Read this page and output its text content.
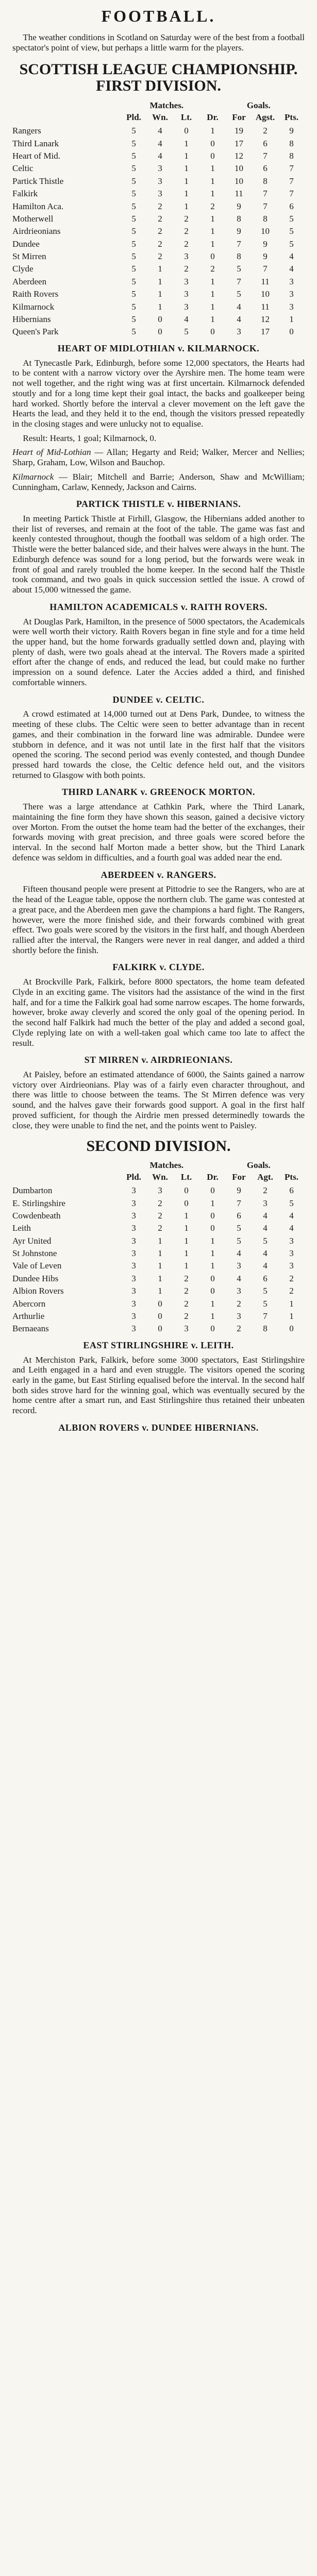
FOOTBALL.

The weather conditions in Scotland on Saturday were of the best from a football spectator's point of view, but perhaps a little warm for the players.

SCOTTISH LEAGUE CHAMPIONSHIP. FIRST DIVISION.
Matches.	Goals.
Pld.	Wn.	Lt.	Dr.	For	Agst.	Pts.
Rangers	5	4	0	1	19	2	9
Third Lanark	5	4	1	0	17	6	8
Heart of Mid.	5	4	1	0	12	7	8
Celtic	5	3	1	1	10	6	7
Partick Thistle	5	3	1	1	10	8	7
Falkirk	5	3	1	1	11	7	7
Hamilton Aca.	5	2	1	2	9	7	6
Motherwell	5	2	2	1	8	8	5
Airdrieonians	5	2	2	1	9	10	5
Dundee	5	2	2	1	7	9	5
St Mirren	5	2	3	0	8	9	4
Clyde	5	1	2	2	5	7	4
Aberdeen	5	1	3	1	7	11	3
Raith Rovers	5	1	3	1	5	10	3
Kilmarnock	5	1	3	1	4	11	3
Hibernians	5	0	4	1	4	12	1
Queen's Park	5	0	5	0	3	17	0
HEART OF MIDLOTHIAN v. KILMARNOCK.

At Tynecastle Park, Edinburgh, before some 12,000 spectators, the Hearts had to be content with a narrow victory over the Ayrshire men. The home team were not well together, and the right wing was at first uncertain. Kilmarnock defended stoutly and for a long time kept their goal intact, the backs and goalkeeper being hard worked. Shortly before the interval a clever movement on the left gave the Hearts the lead, and they held it to the end, though the visitors pressed repeatedly in the closing stages and were unlucky not to equalise.

Result: Hearts, 1 goal; Kilmarnock, 0.

Heart of Mid-Lothian — Allan; Hegarty and Reid; Walker, Mercer and Nellies; Sharp, Graham, Low, Wilson and Bauchop.

Kilmarnock — Blair; Mitchell and Barrie; Anderson, Shaw and McWilliam; Cunningham, Carlaw, Kennedy, Jackson and Cairns.

PARTICK THISTLE v. HIBERNIANS.

In meeting Partick Thistle at Firhill, Glasgow, the Hibernians added another to their list of reverses, and remain at the foot of the table. The game was fast and keenly contested throughout, though the football was seldom of a high order. The Thistle were the better balanced side, and their halves were always in the hunt. The Edinburgh defence was sound for a long period, but the forwards were weak in front of goal and rarely troubled the home keeper. In the second half the Thistle took command, and two goals in quick succession settled the issue. A crowd of about 15,000 witnessed the game.

HAMILTON ACADEMICALS v. RAITH ROVERS.

At Douglas Park, Hamilton, in the presence of 5000 spectators, the Academicals were well worth their victory. Raith Rovers began in fine style and for a time held the upper hand, but the home forwards gradually settled down and, playing with plenty of dash, were two goals ahead at the interval. The Rovers made a spirited effort after the change of ends, and reduced the lead, but could make no further impression on a sound defence. Later the Accies added a third, and finished comfortable winners.

DUNDEE v. CELTIC.

A crowd estimated at 14,000 turned out at Dens Park, Dundee, to witness the meeting of these clubs. The Celtic were seen to better advantage than in recent games, and their combination in the forward line was admirable. Dundee were stubborn in defence, and it was not until late in the first half that the visitors opened the scoring. The second period was evenly contested, and though Dundee pressed hard towards the close, the Celtic defence held out, and the visitors returned to Glasgow with both points.

THIRD LANARK v. GREENOCK MORTON.

There was a large attendance at Cathkin Park, where the Third Lanark, maintaining the fine form they have shown this season, gained a decisive victory over Morton. From the outset the home team had the better of the exchanges, their forwards moving with great precision, and three goals were scored before the interval. In the second half Morton made a better show, but the Third Lanark defence was seldom in difficulties, and a fourth goal was added near the end.

ABERDEEN v. RANGERS.

Fifteen thousand people were present at Pittodrie to see the Rangers, who are at the head of the League table, oppose the northern club. The game was contested at a great pace, and the Aberdeen men gave the champions a hard fight. The Rangers, however, were the more finished side, and their forwards combined with great effect. Two goals were scored by the visitors in the first half, and though Aberdeen rallied after the interval, the Rangers were never in real danger, and added a third shortly before the finish.

FALKIRK v. CLYDE.

At Brockville Park, Falkirk, before 8000 spectators, the home team defeated Clyde in an exciting game. The visitors had the assistance of the wind in the first half, and for a time the Falkirk goal had some narrow escapes. The home forwards, however, broke away cleverly and scored the only goal of the opening period. In the second half Falkirk had much the better of the play and added a second goal, Clyde replying late on with a well-taken goal which came too late to affect the result.

ST MIRREN v. AIRDRIEONIANS.

At Paisley, before an estimated attendance of 6000, the Saints gained a narrow victory over Airdrieonians. Play was of a fairly even character throughout, and there was little to choose between the teams. The St Mirren defence was very sound, and the halves gave their forwards good support. A goal in the first half proved sufficient, for though the Airdrie men pressed determinedly towards the close, they were unable to find the net, and the points went to Paisley.

SECOND DIVISION.
Matches.	Goals.
Pld.	Wn.	Lt.	Dr.	For	Agt.	Pts.
Dumbarton	3	3	0	0	9	2	6
E. Stirlingshire	3	2	0	1	7	3	5
Cowdenbeath	3	2	1	0	6	4	4
Leith	3	2	1	0	5	4	4
Ayr United	3	1	1	1	5	5	3
St Johnstone	3	1	1	1	4	4	3
Vale of Leven	3	1	1	1	3	4	3
Dundee Hibs	3	1	2	0	4	6	2
Albion Rovers	3	1	2	0	3	5	2
Abercorn	3	0	2	1	2	5	1
Arthurlie	3	0	2	1	3	7	1
Bernaeans	3	0	3	0	2	8	0
EAST STIRLINGSHIRE v. LEITH.

At Merchiston Park, Falkirk, before some 3000 spectators, East Stirlingshire and Leith engaged in a hard and even struggle. The visitors opened the scoring early in the game, but East Stirling equalised before the interval. In the second half both sides strove hard for the winning goal, which was eventually secured by the home centre after a smart run, and East Stirlingshire thus retained their unbeaten record.

ALBION ROVERS v. DUNDEE HIBERNIANS.
